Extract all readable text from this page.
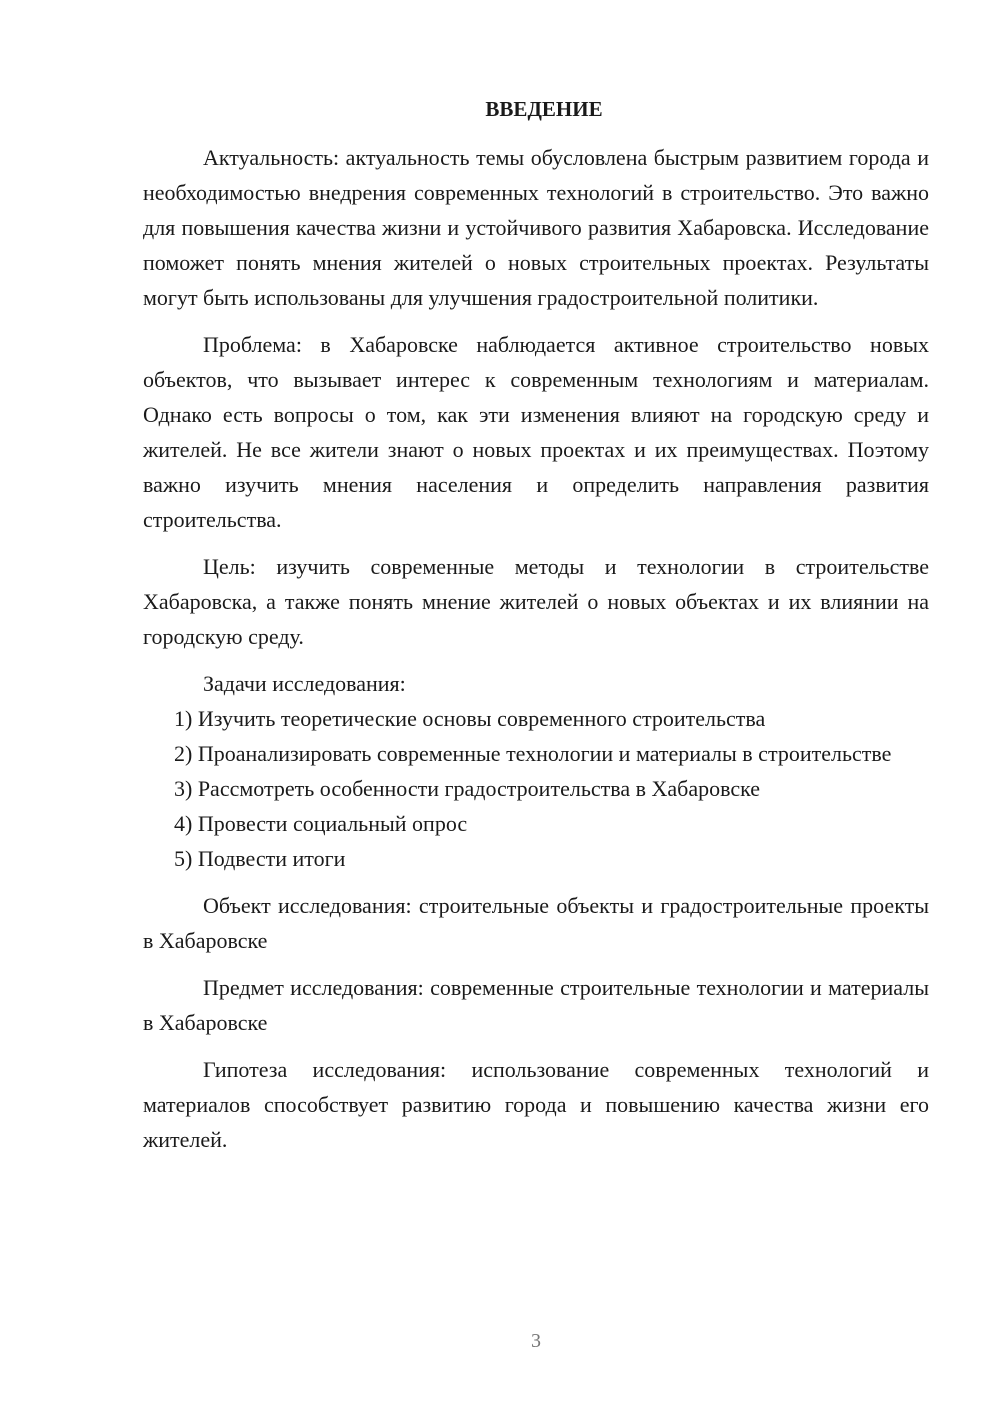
ВВЕДЕНИЕ

Актуальность: актуальность темы обусловлена быстрым развитием города и необходимостью внедрения современных технологий в строительство. Это важно для повышения качества жизни и устойчивого развития Хабаровска. Исследование поможет понять мнения жителей о новых строительных проектах. Результаты могут быть использованы для улучшения градостроительной политики.

Проблема: в Хабаровске наблюдается активное строительство новых объектов, что вызывает интерес к современным технологиям и материалам. Однако есть вопросы о том, как эти изменения влияют на городскую среду и жителей. Не все жители знают о новых проектах и их преимуществах. Поэтому важно изучить мнения населения и определить направления развития строительства.

Цель: изучить современные методы и технологии в строительстве Хабаровска, а также понять мнение жителей о новых объектах и их влиянии на городскую среду.

Задачи исследования:

1) Изучить теоретические основы современного строительства

2) Проанализировать современные технологии и материалы в строительстве

3) Рассмотреть особенности градостроительства в Хабаровске

4) Провести социальный опрос

5) Подвести итоги

Объект исследования: строительные объекты и градостроительные проекты в Хабаровске

Предмет исследования: современные строительные технологии и материалы в Хабаровске

Гипотеза исследования: использование современных технологий и материалов способствует развитию города и повышению качества жизни его жителей.

3
